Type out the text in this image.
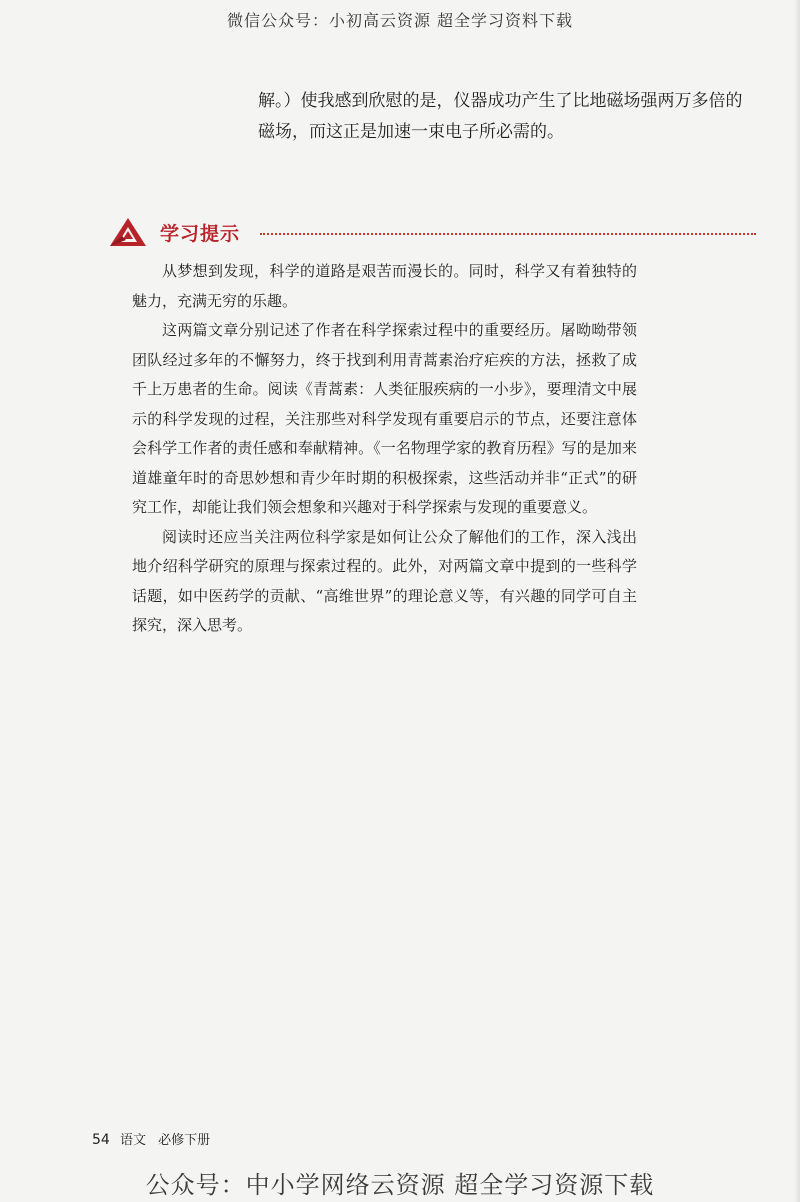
微信公众号：小初高云资源 超全学习资料下载

解。）使我感到欣慰的是，仪器成功产生了比地磁场强两万多倍的磁场，而这正是加速一束电子所必需的。

学习提示

从梦想到发现，科学的道路是艰苦而漫长的。同时，科学又有着独特的魅力，充满无穷的乐趣。

这两篇文章分别记述了作者在科学探索过程中的重要经历。屠呦呦带领团队经过多年的不懈努力，终于找到利用青蒿素治疗疟疾的方法，拯救了成千上万患者的生命。阅读《青蒿素：人类征服疾病的一小步》，要理清文中展示的科学发现的过程，关注那些对科学发现有重要启示的节点，还要注意体会科学工作者的责任感和奉献精神。《一名物理学家的教育历程》写的是加来道雄童年时的奇思妙想和青少年时期的积极探索，这些活动并非“正式”的研究工作，却能让我们领会想象和兴趣对于科学探索与发现的重要意义。

阅读时还应当关注两位科学家是如何让公众了解他们的工作，深入浅出地介绍科学研究的原理与探索过程的。此外，对两篇文章中提到的一些科学话题，如中医药学的贡献、“高维世界”的理论意义等，有兴趣的同学可自主探究，深入思考。

54 语文 必修下册
公众号：中小学网络云资源 超全学习资源下载
